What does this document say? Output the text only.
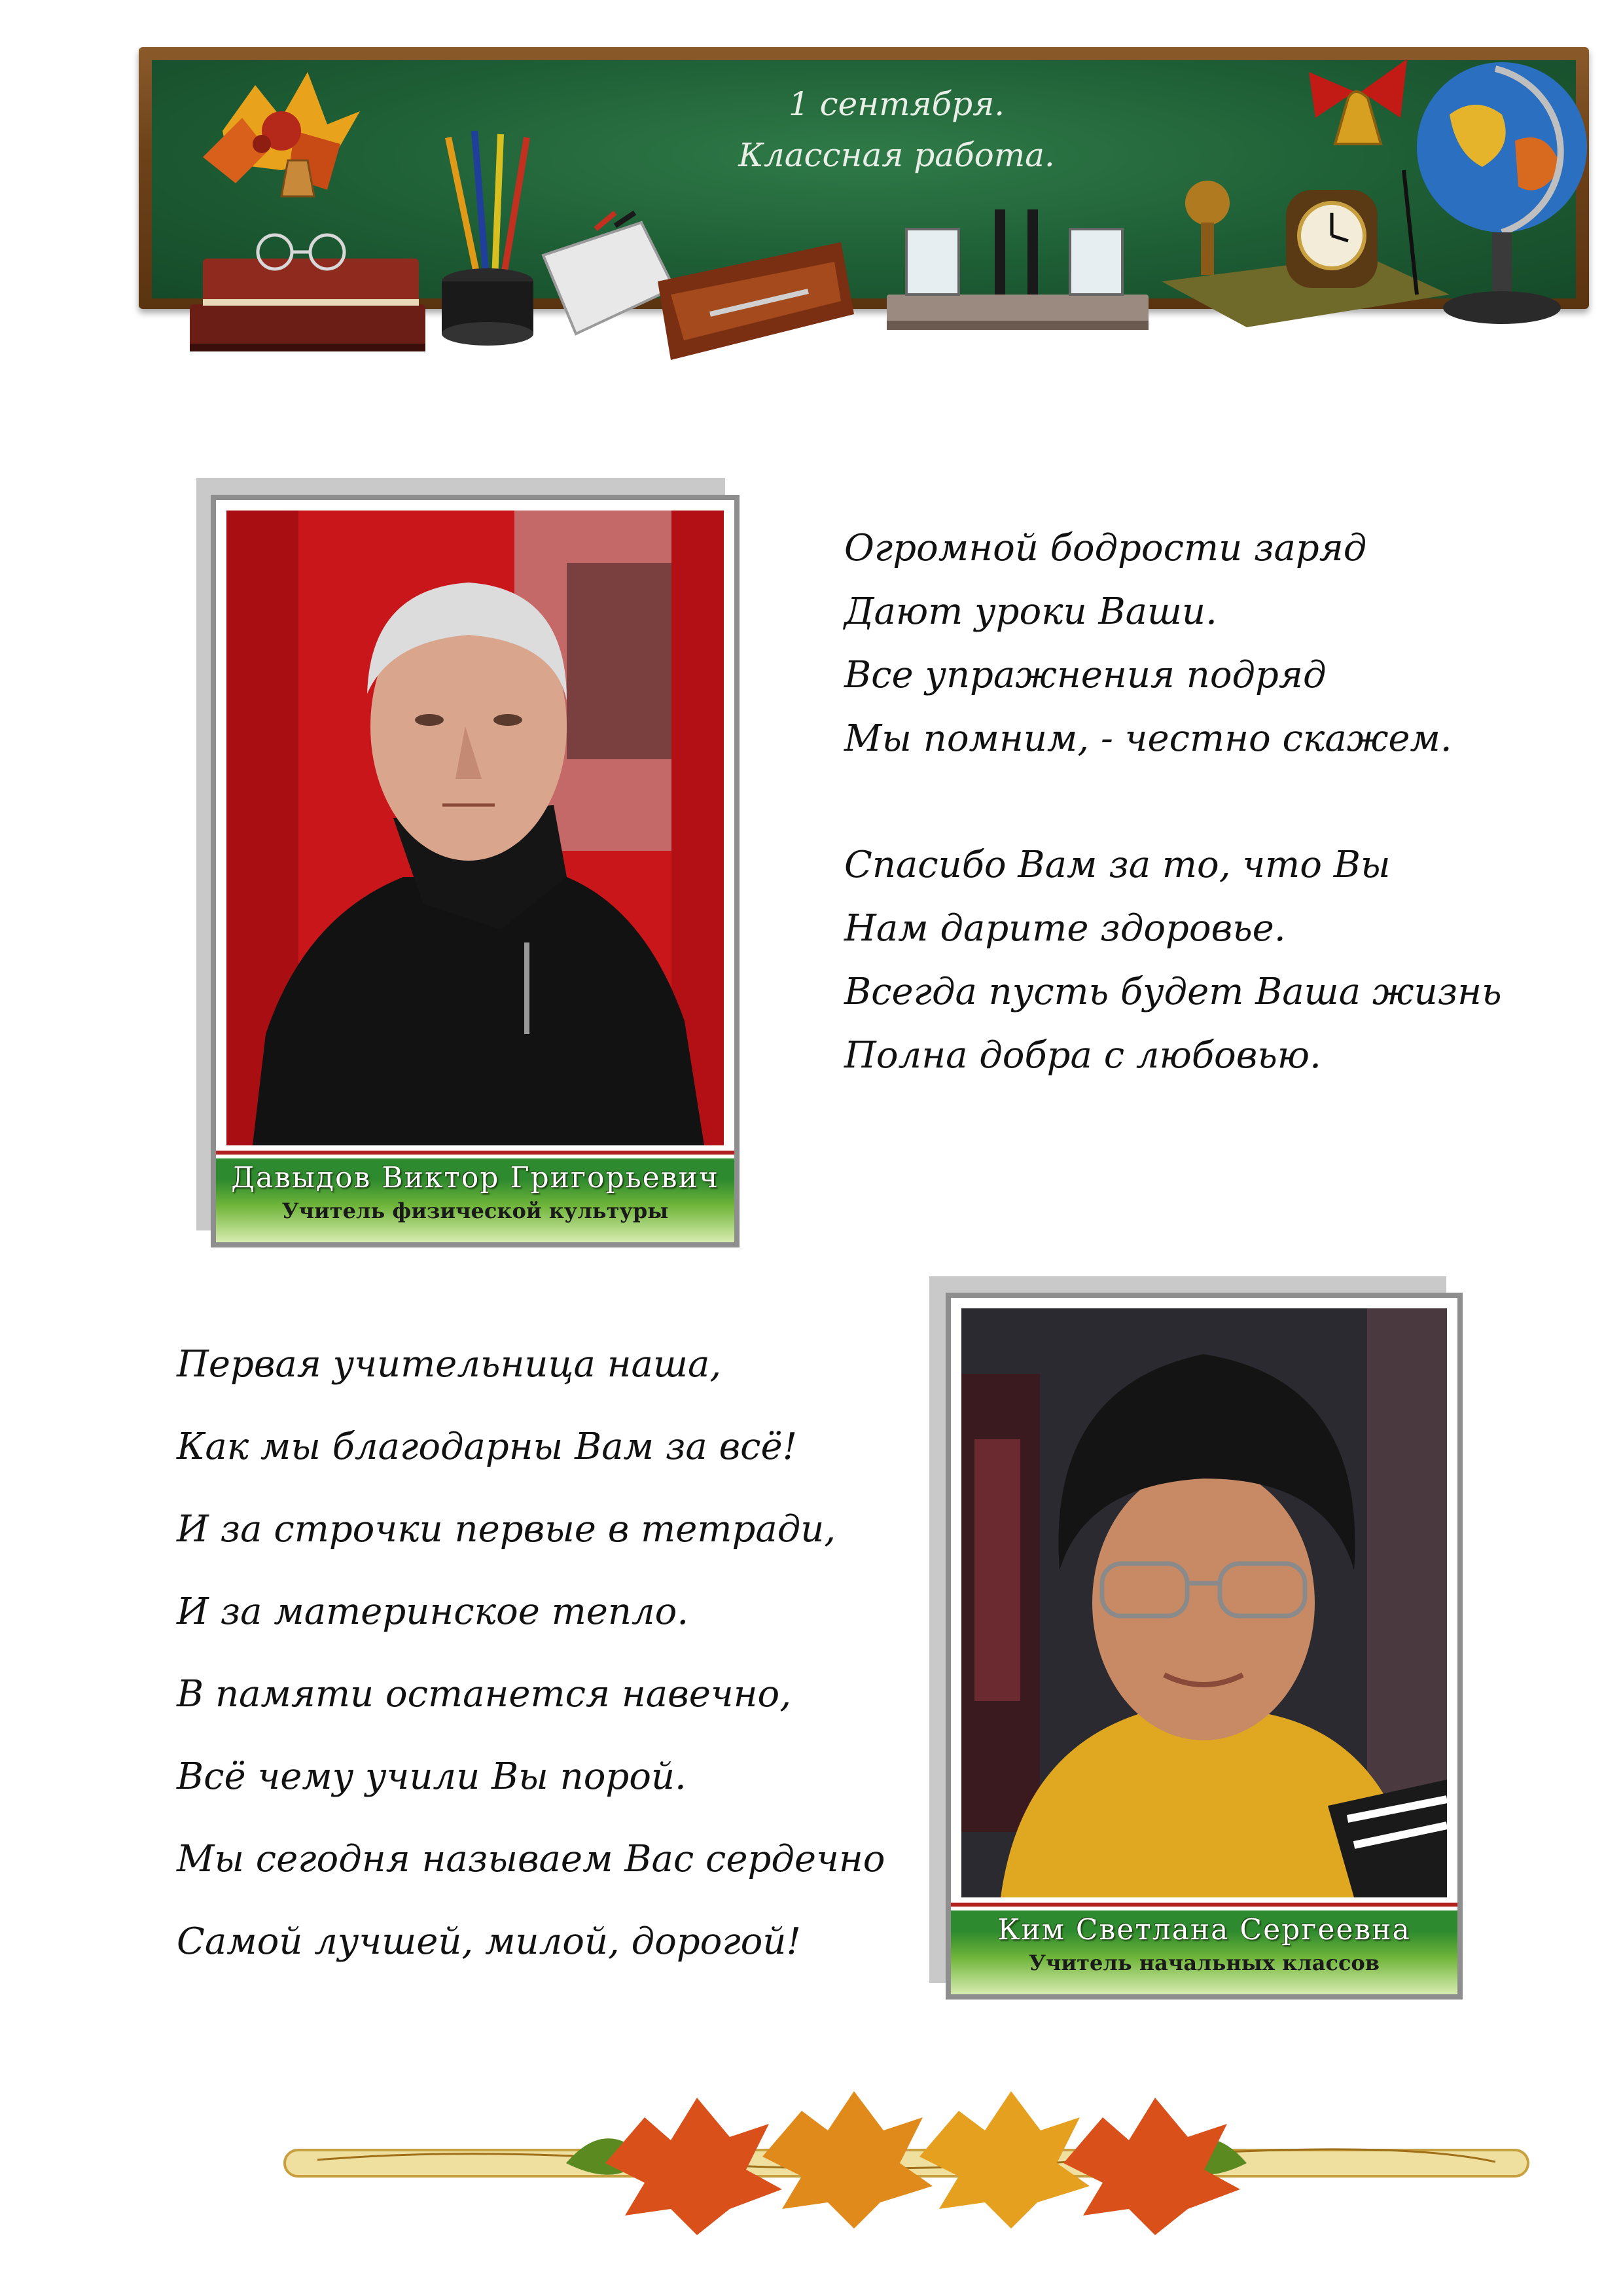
1 сентября.
Классная работа.
Давыдов Виктор Григорьевич
Учитель физической культуры
Огромной бодрости заряд
Дают уроки Ваши.
Все упражнения подряд
Мы помним, - честно скажем.
Спасибо Вам за то, что Вы
Нам дарите здоровье.
Всегда пусть будет Ваша жизнь
Полна добра с любовью.
Первая учительница наша,
Как мы благодарны Вам за всё!
И за строчки первые в тетради,
И за материнское тепло.
В памяти останется навечно,
Всё чему учили Вы порой.
Мы сегодня называем Вас сердечно
Самой лучшей, милой, дорогой!	Ким Светлана Сергеевна
Учитель начальных классов
